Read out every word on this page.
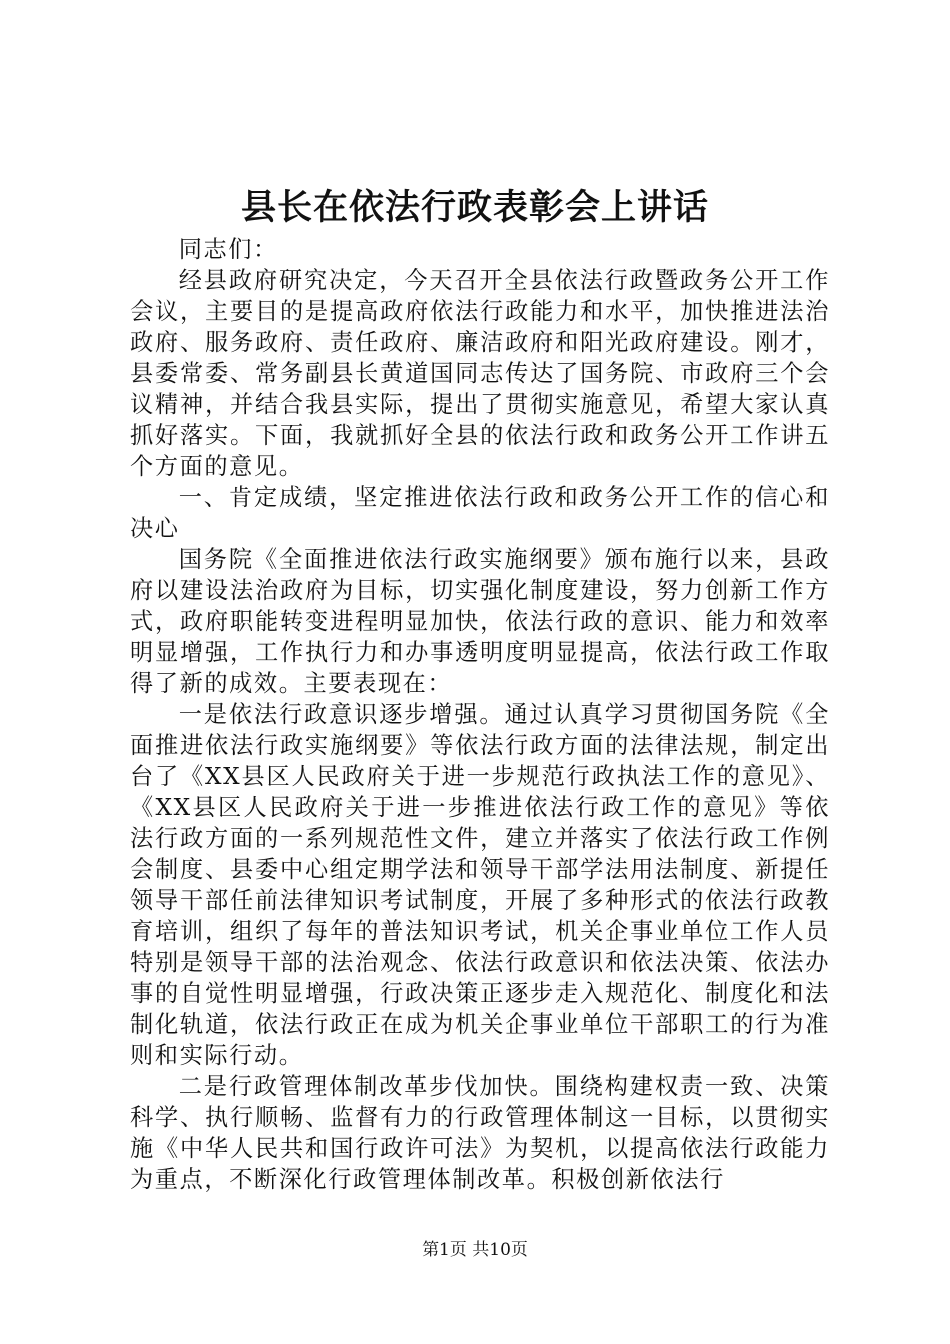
县长在依法行政表彰会上讲话

同志们：

经县政府研究决定，今天召开全县依法行政暨政务公开工作会议，主要目的是提高政府依法行政能力和水平，加快推进法治政府、服务政府、责任政府、廉洁政府和阳光政府建设。刚才，县委常委、常务副县长黄道国同志传达了国务院、市政府三个会议精神，并结合我县实际，提出了贯彻实施意见，希望大家认真抓好落实。下面，我就抓好全县的依法行政和政务公开工作讲五个方面的意见。

一、肯定成绩，坚定推进依法行政和政务公开工作的信心和决心

国务院《全面推进依法行政实施纲要》颁布施行以来，县政府以建设法治政府为目标，切实强化制度建设，努力创新工作方式，政府职能转变进程明显加快，依法行政的意识、能力和效率明显增强，工作执行力和办事透明度明显提高，依法行政工作取得了新的成效。主要表现在：

一是依法行政意识逐步增强。通过认真学习贯彻国务院《全面推进依法行政实施纲要》等依法行政方面的法律法规，制定出台了《XX县区人民政府关于进一步规范行政执法工作的意见》、《XX县区人民政府关于进一步推进依法行政工作的意见》等依法行政方面的一系列规范性文件，建立并落实了依法行政工作例会制度、县委中心组定期学法和领导干部学法用法制度、新提任领导干部任前法律知识考试制度，开展了多种形式的依法行政教育培训，组织了每年的普法知识考试，机关企事业单位工作人员特别是领导干部的法治观念、依法行政意识和依法决策、依法办事的自觉性明显增强，行政决策正逐步走入规范化、制度化和法制化轨道，依法行政正在成为机关企事业单位干部职工的行为准则和实际行动。

二是行政管理体制改革步伐加快。围绕构建权责一致、决策科学、执行顺畅、监督有力的行政管理体制这一目标，以贯彻实施《中华人民共和国行政许可法》为契机，以提高依法行政能力为重点，不断深化行政管理体制改革。积极创新依法行

第1页 共10页
